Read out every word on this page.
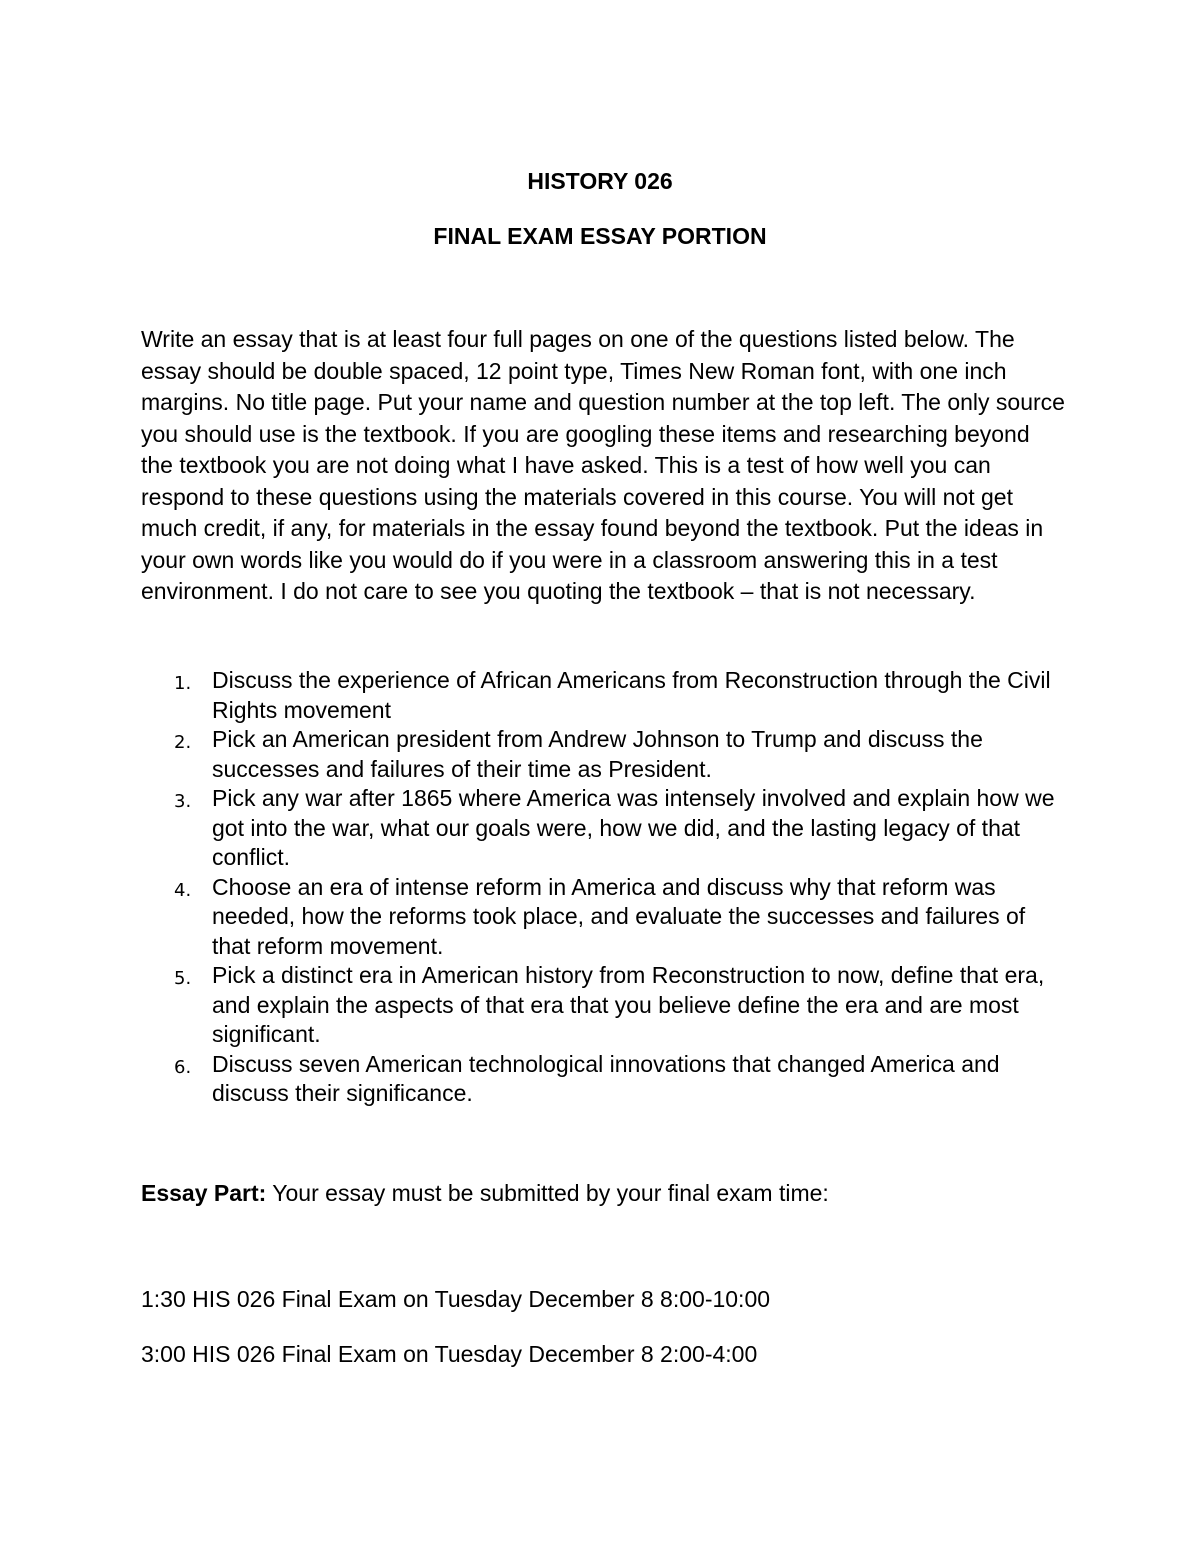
HISTORY 026

FINAL EXAM ESSAY PORTION

Write an essay that is at least four full pages on one of the questions listed below. The essay should be double spaced, 12 point type, Times New Roman font, with one inch margins. No title page. Put your name and question number at the top left. The only source you should use is the textbook. If you are googling these items and researching beyond the textbook you are not doing what I have asked. This is a test of how well you can respond to these questions using the materials covered in this course. You will not get much credit, if any, for materials in the essay found beyond the textbook. Put the ideas in your own words like you would do if you were in a classroom answering this in a test environment. I do not care to see you quoting the textbook – that is not necessary.

1. Discuss the experience of African Americans from Reconstruction through the Civil Rights movement
2. Pick an American president from Andrew Johnson to Trump and discuss the successes and failures of their time as President.
3. Pick any war after 1865 where America was intensely involved and explain how we got into the war, what our goals were, how we did, and the lasting legacy of that conflict.
4. Choose an era of intense reform in America and discuss why that reform was needed, how the reforms took place, and evaluate the successes and failures of that reform movement.
5. Pick a distinct era in American history from Reconstruction to now, define that era, and explain the aspects of that era that you believe define the era and are most significant.
6. Discuss seven American technological innovations that changed America and discuss their significance.

Essay Part: Your essay must be submitted by your final exam time:

1:30 HIS 026 Final Exam on Tuesday December 8 8:00-10:00

3:00 HIS 026 Final Exam on Tuesday December 8 2:00-4:00
